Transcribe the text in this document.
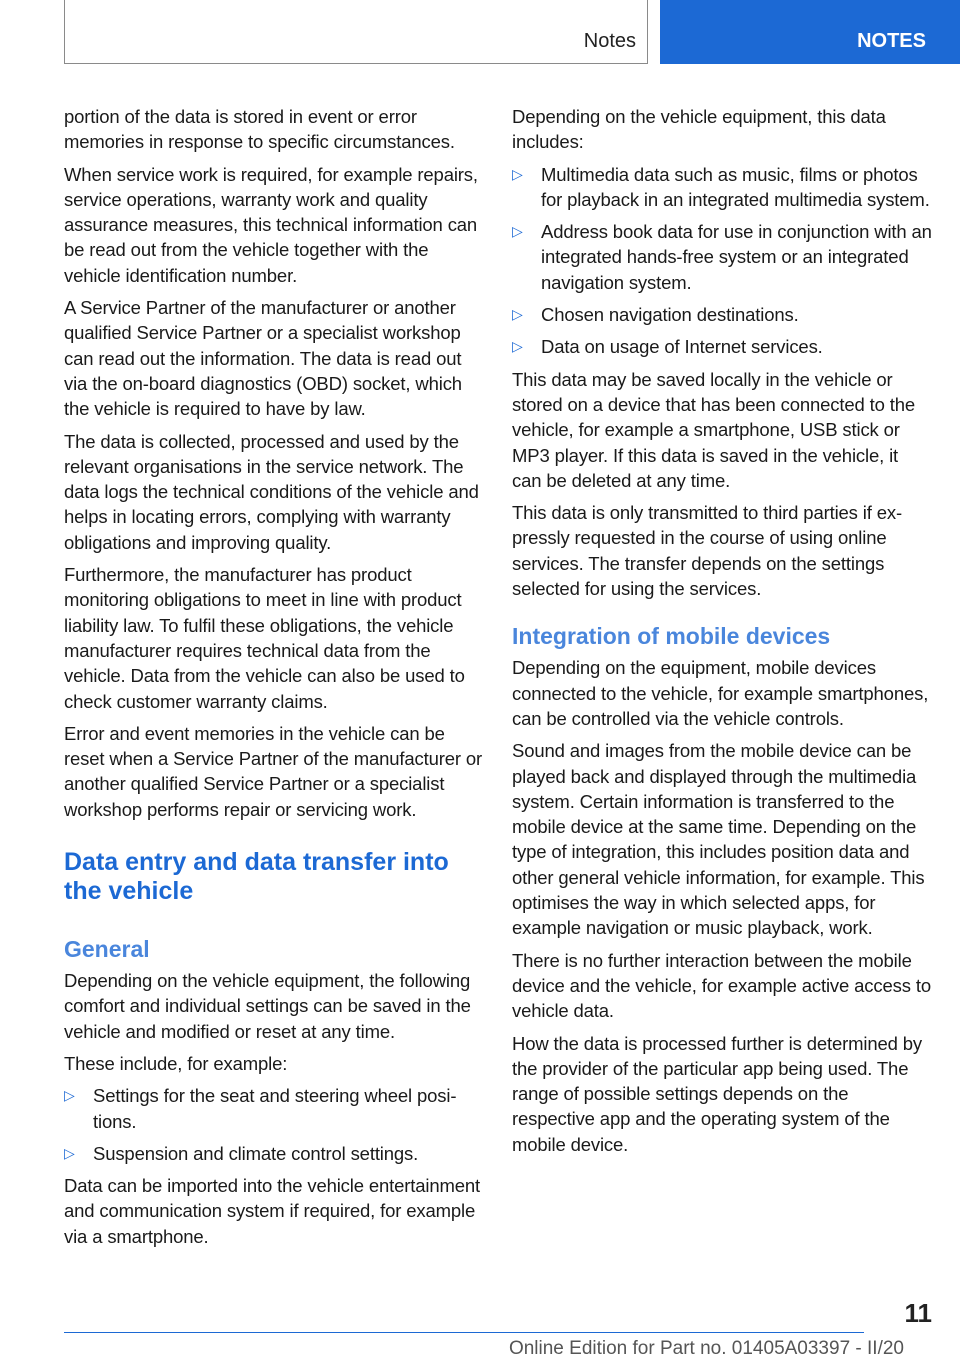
Notes	NOTES

portion of the data is stored in event or error memories in response to specific circumstances.

When service work is required, for example repairs, service operations, warranty work and quality assurance measures, this technical information can be read out from the vehicle together with the vehicle identification number.

A Service Partner of the manufacturer or another qualified Service Partner or a specialist workshop can read out the information. The data is read out via the on-board diagnostics (OBD) socket, which the vehicle is required to have by law.

The data is collected, processed and used by the relevant organisations in the service network. The data logs the technical conditions of the vehicle and helps in locating errors, complying with warranty obligations and improving quality.

Furthermore, the manufacturer has product monitoring obligations to meet in line with product liability law. To fulfil these obligations, the vehicle manufacturer requires technical data from the vehicle. Data from the vehicle can also be used to check customer warranty claims.

Error and event memories in the vehicle can be reset when a Service Partner of the manufacturer or another qualified Service Partner or a specialist workshop performs repair or servicing work.

Data entry and data transfer into the vehicle
General

Depending on the vehicle equipment, the following comfort and individual settings can be saved in the vehicle and modified or reset at any time.

These include, for example:

▷ Settings for the seat and steering wheel positions.
▷ Suspension and climate control settings.

Data can be imported into the vehicle entertainment and communication system if required, for example via a smartphone.

Depending on the vehicle equipment, this data includes:

▷ Multimedia data such as music, films or photos for playback in an integrated multimedia system.
▷ Address book data for use in conjunction with an integrated hands-free system or an integrated navigation system.
▷ Chosen navigation destinations.
▷ Data on usage of Internet services.

This data may be saved locally in the vehicle or stored on a device that has been connected to the vehicle, for example a smartphone, USB stick or MP3 player. If this data is saved in the vehicle, it can be deleted at any time.

This data is only transmitted to third parties if expressly requested in the course of using online services. The transfer depends on the settings selected for using the services.

Integration of mobile devices

Depending on the equipment, mobile devices connected to the vehicle, for example smartphones, can be controlled via the vehicle controls.

Sound and images from the mobile device can be played back and displayed through the multimedia system. Certain information is transferred to the mobile device at the same time. Depending on the type of integration, this includes position data and other general vehicle information, for example. This optimises the way in which selected apps, for example navigation or music playback, work.

There is no further interaction between the mobile device and the vehicle, for example active access to vehicle data.

How the data is processed further is determined by the provider of the particular app being used. The range of possible settings depends on the respective app and the operating system of the mobile device.

11
Online Edition for Part no. 01405A03397 - II/20
